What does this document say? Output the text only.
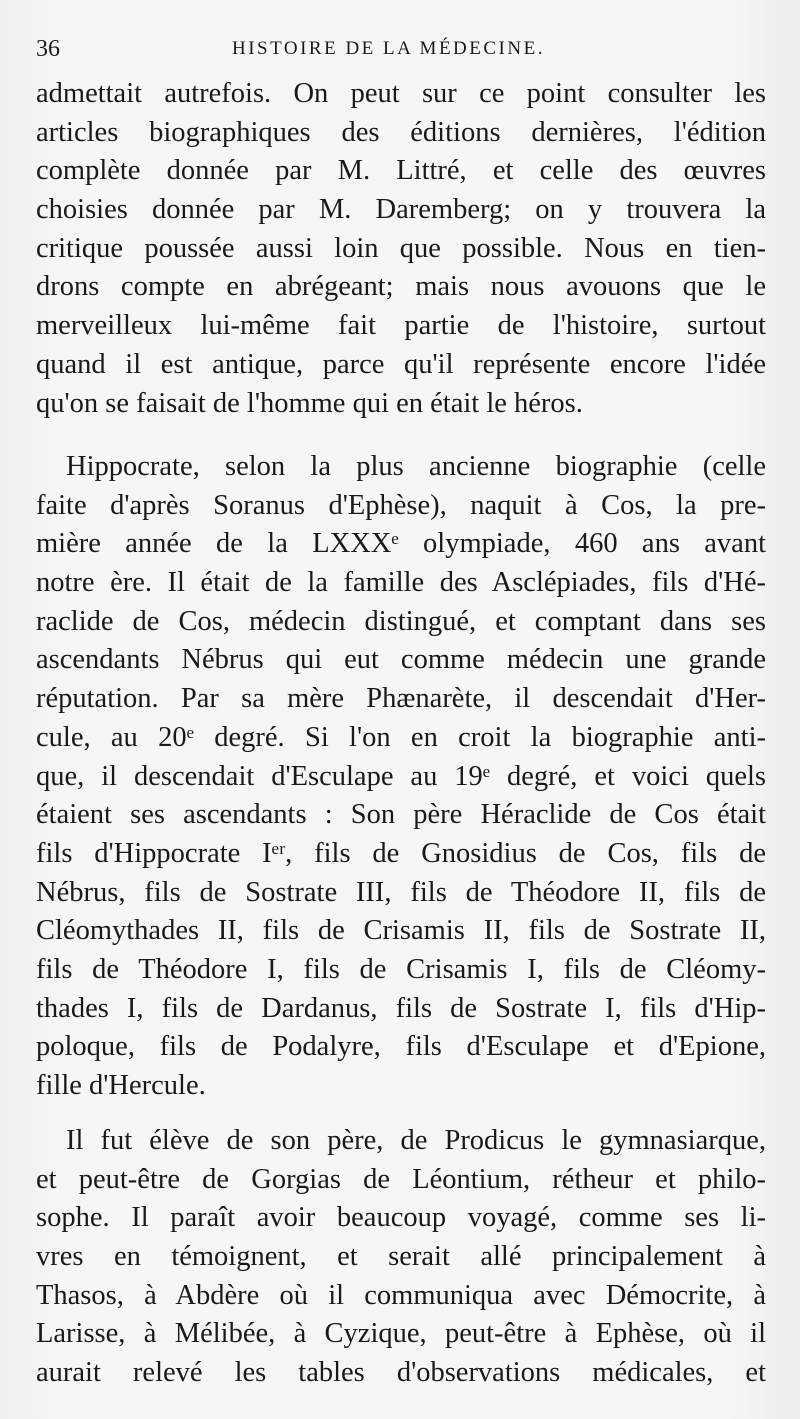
36	HISTOIRE DE LA MÉDECINE.
admettait autrefois. On peut sur ce point consulter les
articles biographiques des éditions dernières, l'édition
complète donnée par M. Littré, et celle des œuvres
choisies donnée par M. Daremberg; on y trouvera la
critique poussée aussi loin que possible. Nous en tien-
drons compte en abrégeant; mais nous avouons que le
merveilleux lui-même fait partie de l'histoire, surtout
quand il est antique, parce qu'il représente encore l'idée
qu'on se faisait de l'homme qui en était le héros.
Hippocrate, selon la plus ancienne biographie (celle
faite d'après Soranus d'Ephèse), naquit à Cos, la pre-
mière année de la LXXXᵉ olympiade, 460 ans avant
notre ère. Il était de la famille des Asclépiades, fils d'Hé-
raclide de Cos, médecin distingué, et comptant dans ses
ascendants Nébrus qui eut comme médecin une grande
réputation. Par sa mère Phænarète, il descendait d'Her-
cule, au 20ᵉ degré. Si l'on en croit la biographie anti-
que, il descendait d'Esculape au 19ᵉ degré, et voici quels
étaient ses ascendants : Son père Héraclide de Cos était
fils d'Hippocrate Iᵉʳ, fils de Gnosidius de Cos, fils de
Nébrus, fils de Sostrate III, fils de Théodore II, fils de
Cléomythades II, fils de Crisamis II, fils de Sostrate II,
fils de Théodore I, fils de Crisamis I, fils de Cléomy-
thades I, fils de Dardanus, fils de Sostrate I, fils d'Hip-
poloque, fils de Podalyre, fils d'Esculape et d'Epione,
fille d'Hercule.
Il fut élève de son père, de Prodicus le gymnasiarque,
et peut-être de Gorgias de Léontium, rétheur et philo-
sophe. Il paraît avoir beaucoup voyagé, comme ses li-
vres en témoignent, et serait allé principalement à
Thasos, à Abdère où il communiqua avec Démocrite, à
Larisse, à Mélibée, à Cyzique, peut-être à Ephèse, où il
aurait relevé les tables d'observations médicales, et
